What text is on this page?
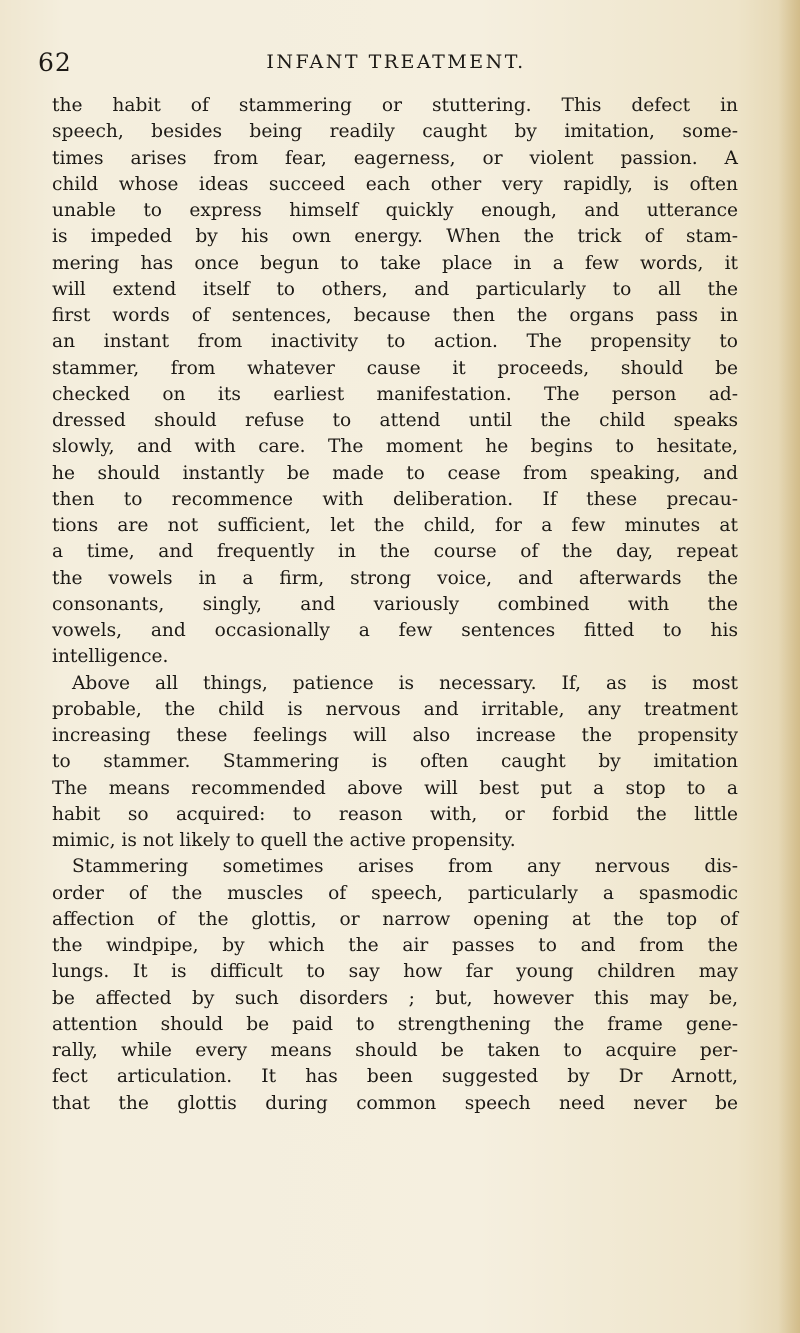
62	INFANT TREATMENT.
the habit of stammering or stuttering. This defect in
speech, besides being readily caught by imitation, some-
times arises from fear, eagerness, or violent passion. A
child whose ideas succeed each other very rapidly, is often
unable to express himself quickly enough, and utterance
is impeded by his own energy. When the trick of stam-
mering has once begun to take place in a few words, it
will extend itself to others, and particularly to all the
first words of sentences, because then the organs pass in
an instant from inactivity to action. The propensity to
stammer, from whatever cause it proceeds, should be
checked on its earliest manifestation. The person ad-
dressed should refuse to attend until the child speaks
slowly, and with care. The moment he begins to hesitate,
he should instantly be made to cease from speaking, and
then to recommence with deliberation. If these precau-
tions are not sufficient, let the child, for a few minutes at
a time, and frequently in the course of the day, repeat
the vowels in a firm, strong voice, and afterwards the
consonants, singly, and variously combined with the
vowels, and occasionally a few sentences fitted to his
intelligence.
Above all things, patience is necessary. If, as is most
probable, the child is nervous and irritable, any treatment
increasing these feelings will also increase the propensity
to stammer. Stammering is often caught by imitation
The means recommended above will best put a stop to a
habit so acquired: to reason with, or forbid the little
mimic, is not likely to quell the active propensity.
Stammering sometimes arises from any nervous dis-
order of the muscles of speech, particularly a spasmodic
affection of the glottis, or narrow opening at the top of
the windpipe, by which the air passes to and from the
lungs. It is difficult to say how far young children may
be affected by such disorders ; but, however this may be,
attention should be paid to strengthening the frame gene-
rally, while every means should be taken to acquire per-
fect articulation. It has been suggested by Dr Arnott,
that the glottis during common speech need never be
